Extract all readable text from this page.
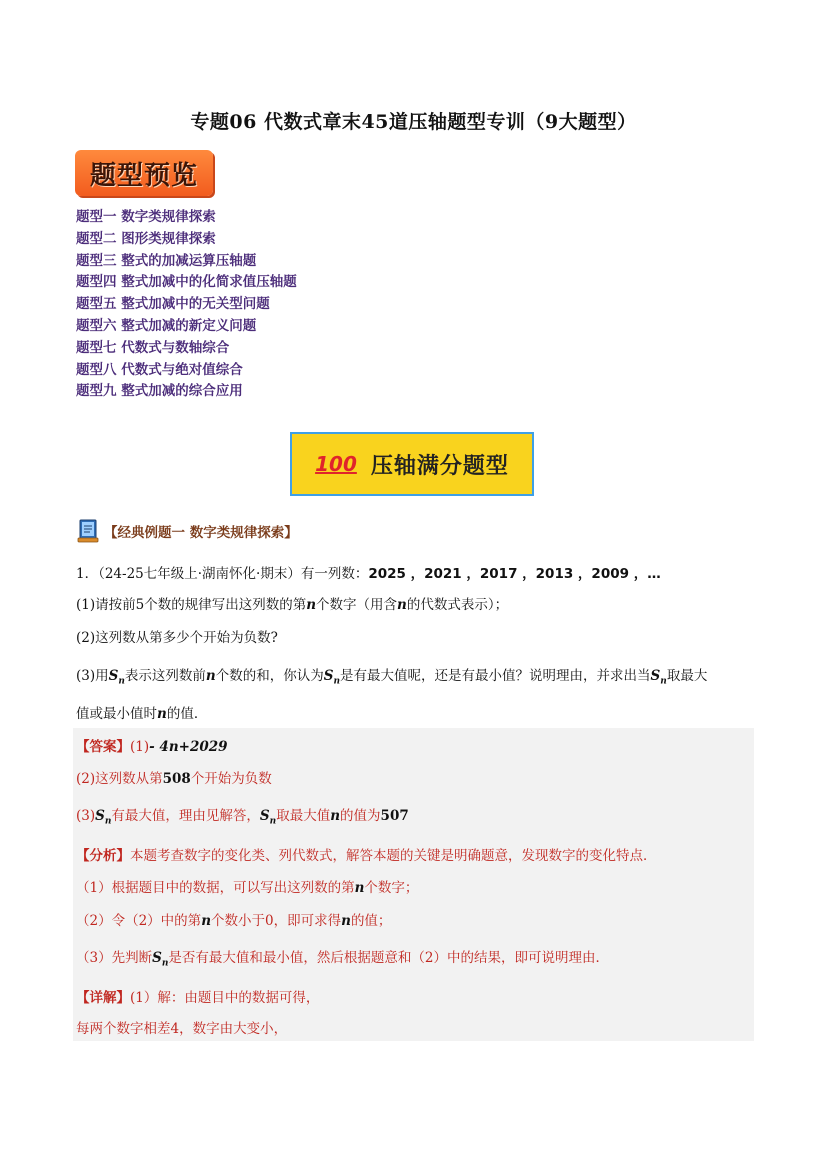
专题06 代数式章末45道压轴题型专训（9大题型）
题型预览
题型一 数字类规律探索
题型二 图形类规律探索
题型三 整式的加减运算压轴题
题型四 整式加减中的化简求值压轴题
题型五 整式加减中的无关型问题
题型六 整式加减的新定义问题
题型七 代数式与数轴综合
题型八 代数式与绝对值综合
题型九 整式加减的综合应用
100 压轴满分题型
【经典例题一 数字类规律探索】
1．（24-25七年级上·湖南怀化·期末）有一列数：2025 ，2021 ，2017 ，2013 ，2009 ，…
(1)请按前5个数的规律写出这列数的第n个数字（用含n的代数式表示）；
(2)这列数从第多少个开始为负数?
(3)用$S_n$表示这列数前n个数的和，你认为$S_n$是有最大值呢，还是有最小值？说明理由，并求出当$S_n$取最大
值或最小值时n的值．
【答案】(1)- 4n+2029
(2)这列数从第508个开始为负数
$(3)S_n$有最大值，理由见解答，$S_n$取最大值n的值为507
【分析】本题考查数字的变化类、列代数式，解答本题的关键是明确题意，发现数字的变化特点．
（1）根据题目中的数据，可以写出这列数的第n个数字；
（2）令（2）中的第n个数小于0，即可求得n的值；
（3）先判断$S_n$是否有最大值和最小值，然后根据题意和（2）中的结果，即可说明理由．
【详解】(1）解：由题目中的数据可得，
每两个数字相差4，数字由大变小，
